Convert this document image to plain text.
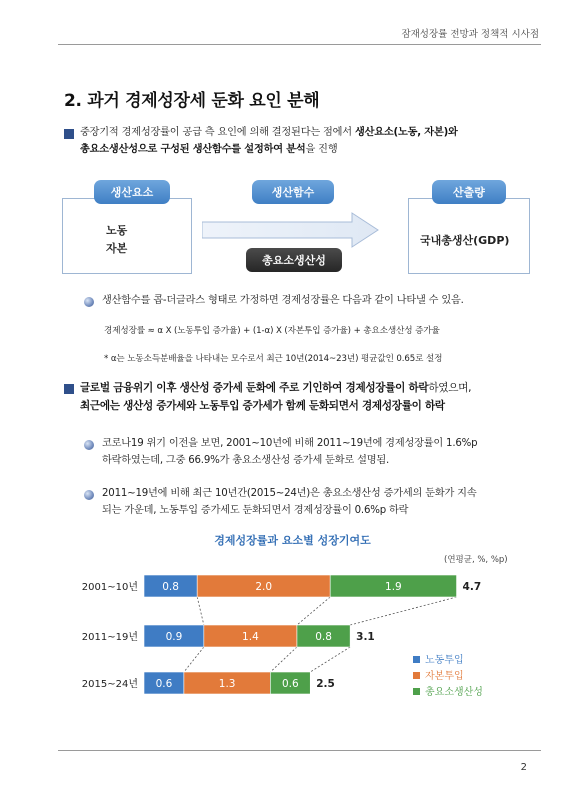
잠재성장률 전망과 정책적 시사점
2. 과거 경제성장세 둔화 요인 분해
중장기적 경제성장률이 공급 측 요인에 의해 결정된다는 점에서 생산요소(노동, 자본)와
총요소생산성으로 구성된 생산함수를 설정하여 분석을 진행
생산요소
노동
자본
생산함수
총요소생산성
산출량
국내총생산(GDP)
생산함수를 콥-더글라스 형태로 가정하면 경제성장률은 다음과 같이 나타낼 수 있음.
경제성장률 ≈ α X (노동투입 증가율) + (1-α) X (자본투입 증가율) + 총요소생산성 증가율
* α는 노동소득분배율을 나타내는 모수로서 최근 10년(2014~23년) 평균값인 0.65로 설정
글로벌 금융위기 이후 생산성 증가세 둔화에 주로 기인하여 경제성장률이 하락하였으며,
최근에는 생산성 증가세와 노동투입 증가세가 함께 둔화되면서 경제성장률이 하락
코로나19 위기 이전을 보면, 2001~10년에 비해 2011~19년에 경제성장률이 1.6%p
하락하였는데, 그중 66.9%가 총요소생산성 증가세 둔화로 설명됨.
2011~19년에 비해 최근 10년간(2015~24년)은 총요소생산성 증가세의 둔화가 지속
되는 가운데, 노동투입 증가세도 둔화되면서 경제성장률이 0.6%p 하락
경제성장률과 요소별 성장기여도
(연평균, %, %p)
2001~10년 0.8	2.0	1.9	4.7
2011~19년	0.9	1.4	0.8 3.1
2015~24년 0.6	1.3	0.6 2.5
노동투입
자본투입
총요소생산성
2
